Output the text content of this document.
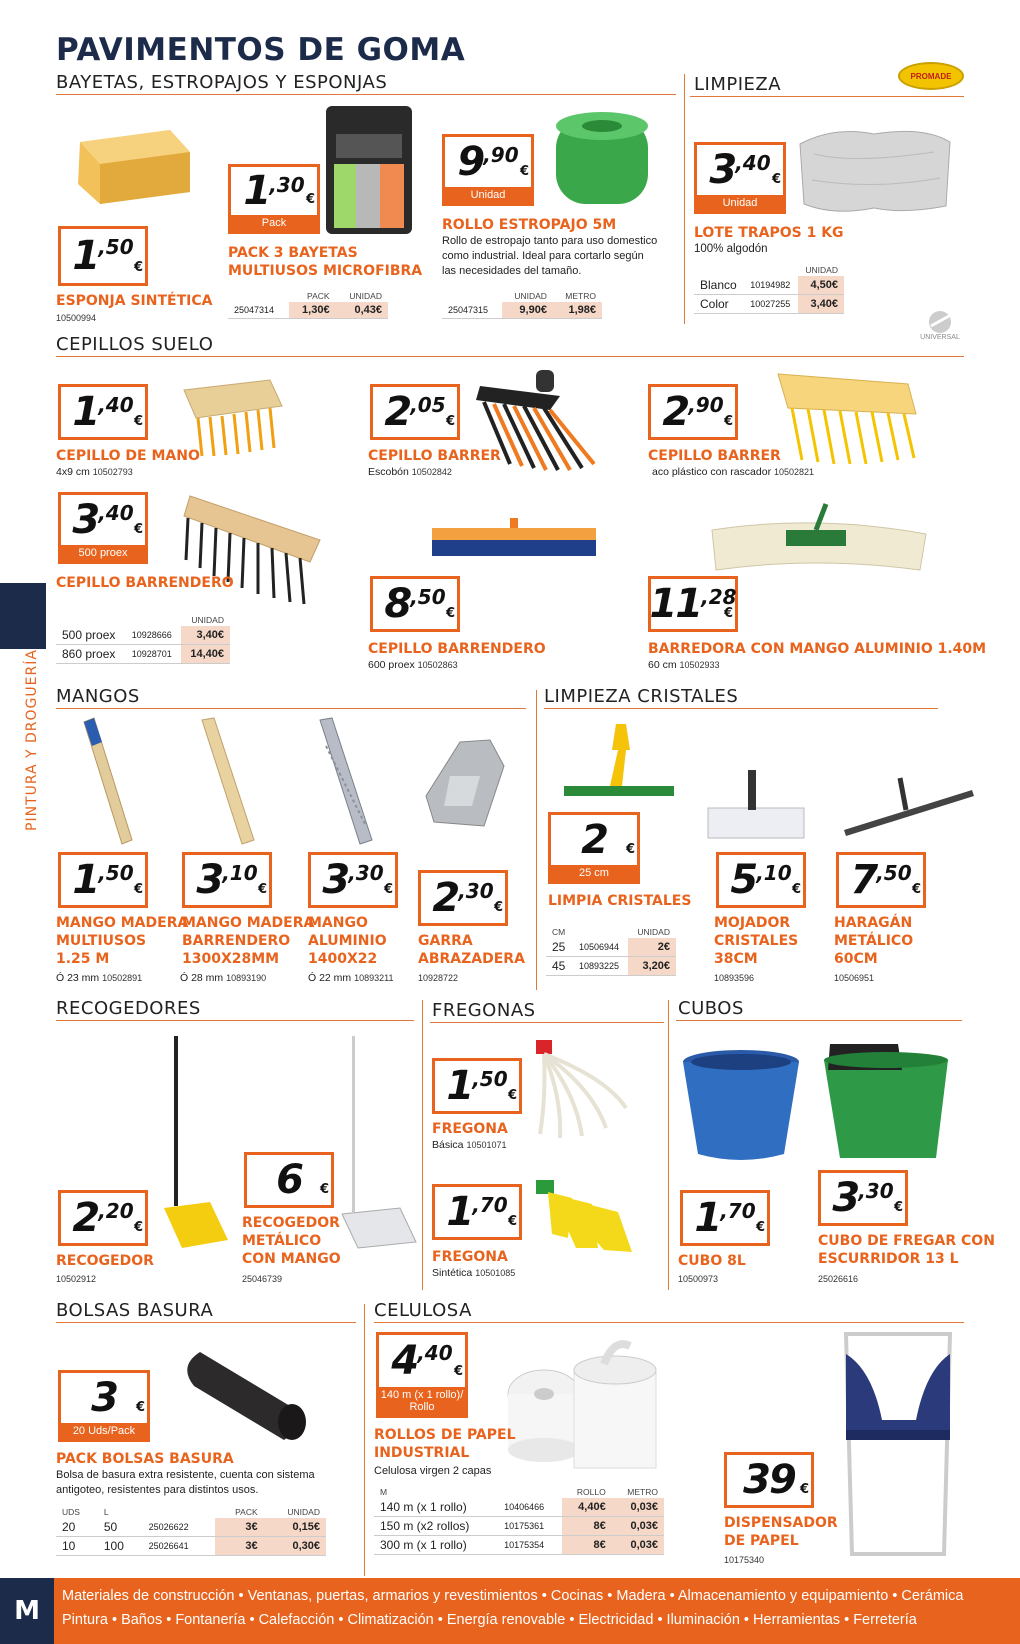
PAVIMENTOS DE GOMA
BAYETAS, ESTROPAJOS Y ESPONJAS	LIMPIEZA	PROMADE
1 ,50
€
ESPONJA SINTÉTICA
10500994
1 ,30
€
Pack
PACK 3 BAYETAS
MULTIUSOS MICROFIBRA
	PACK	UNIDAD
25047314	1,30€	0,43€
9 ,90
€
Unidad
ROLLO ESTROPAJO 5M
Rollo de estropajo tanto para uso domestico
como industrial. Ideal para cortarlo según
las necesidades del tamaño.
	UNIDAD	METRO
25047315	9,90€	1,98€
3 ,40
€
Unidad
LOTE TRAPOS 1 KG
100% algodón
		UNIDAD
Blanco	10194982	4,50€
Color	10027255	3,40€
UNIVERSAL
CEPILLOS SUELO
1 ,40
€
CEPILLO DE MANO
4x9 cm 10502793
2 ,05
€
CEPILLO BARRER
Escobón 10502842
2 ,90
€
CEPILLO BARRER
aco plástico con rascador 10502821
3 ,40
€
500 proex
CEPILLO BARRENDERO
		UNIDAD
500 proex	10928666	3,40€
860 proex	10928701	14,40€
8 ,50
€
CEPILLO BARRENDERO
600 proex 10502863
11 ,28
€
BARREDORA CON MANGO ALUMINIO 1.40M
60 cm 10502933
PINTURA Y DROGUERÍA MANGOS	LIMPIEZA CRISTALES
1 ,50
€
MANGO MADERA
MULTIUSOS
1.25 M
Ó 23 mm 10502891
3 ,10
€
MANGO MADERA
BARRENDERO
1300X28MM
Ó 28 mm 10893190
3 ,30
€
MANGO
ALUMINIO
1400X22
Ó 22 mm 10893211
2 ,30
€
GARRA
ABRAZADERA
10928722
2 €
25 cm
LIMPIA CRISTALES
CM		UNIDAD
25	10506944	2€
45	10893225	3,20€
5 ,10
€
MOJADOR
CRISTALES
38CM
10893596
7 ,50
€
HARAGÁN
METÁLICO
60CM
10506951
RECOGEDORES	FREGONAS	CUBOS
2 ,20
€
RECOGEDOR
10502912
6 €
RECOGEDOR
METÁLICO
CON MANGO
25046739
1 ,50
€
FREGONA
Básica 10501071
1 ,70
€
FREGONA
Sintética 10501085
1 ,70
€
CUBO 8L
10500973
3 ,30
€
CUBO DE FREGAR CON
ESCURRIDOR 13 L
25026616
BOLSAS BASURA	CELULOSA
3 €
20 Uds/Pack
PACK BOLSAS BASURA
Bolsa de basura extra resistente, cuenta con sistema
antigoteo, resistentes para distintos usos.
UDS	L		PACK	UNIDAD
20	50	25026622	3€	0,15€
10	100	25026641	3€	0,30€
4 ,40
€
140 m (x 1 rollo)/
Rollo
ROLLOS DE PAPEL
INDUSTRIAL
Celulosa virgen 2 capas
M		ROLLO	METRO
140 m (x 1 rollo)	10406466	4,40€	0,03€
150 m (x2 rollos)	10175361	8€	0,03€
300 m (x 1 rollo)	10175354	8€	0,03€
SGC
39 €
DISPENSADOR
DE PAPEL
10175340
M	Materiales de construcción • Ventanas, puertas, armarios y revestimientos • Cocinas • Madera • Almacenamiento y equipamiento • Cerámica
Pintura • Baños • Fontanería • Calefacción • Climatización • Energía renovable • Electricidad • Iluminación • Herramientas • Ferretería
